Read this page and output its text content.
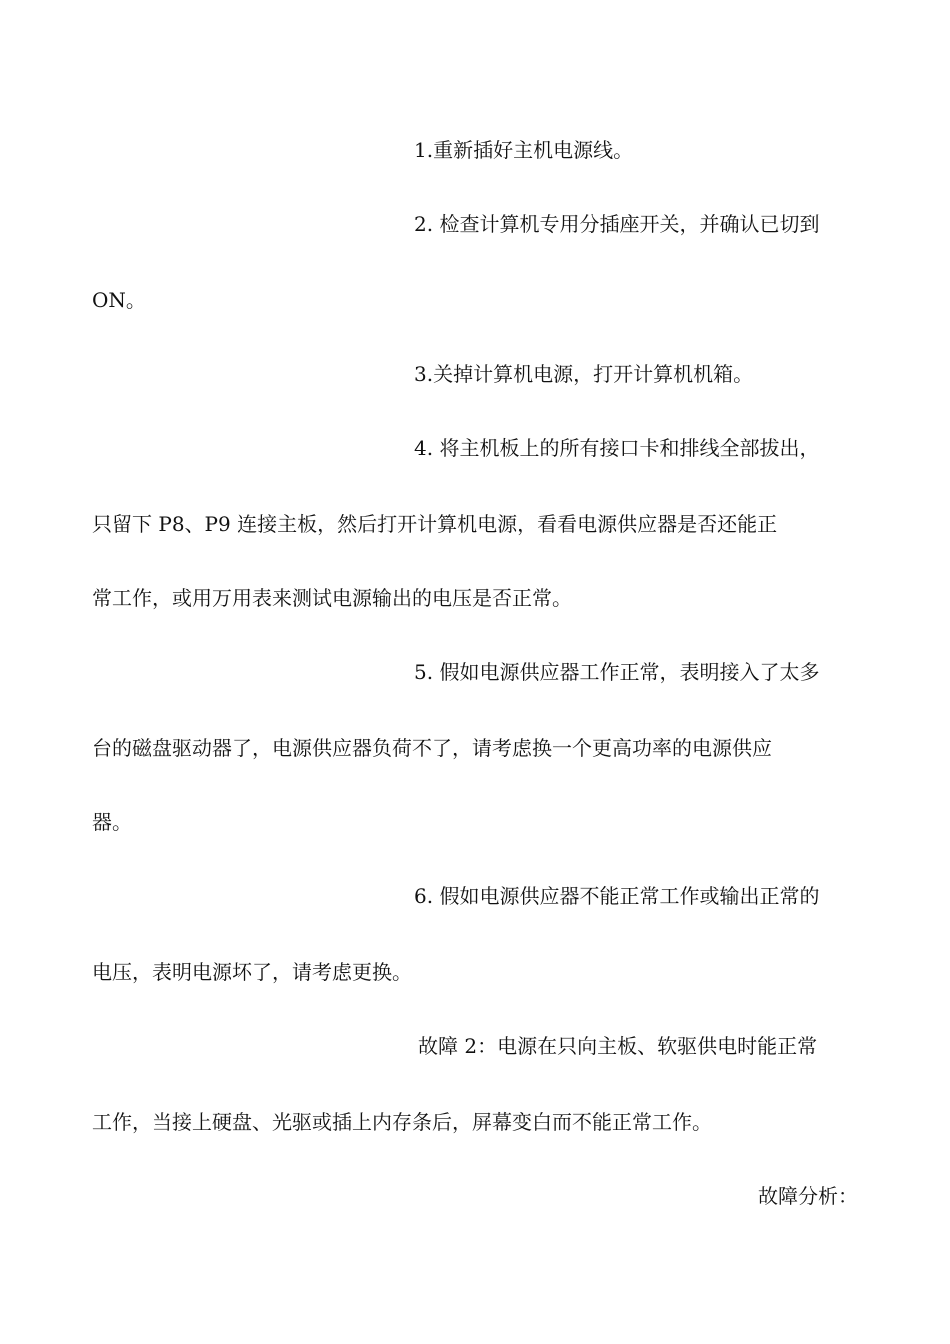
1.重新插好主机电源线。
2. 检查计算机专用分插座开关，并确认已切到
ON。
3.关掉计算机电源，打开计算机机箱。
4. 将主机板上的所有接口卡和排线全部拔出，
只留下 P8、P9 连接主板，然后打开计算机电源，看看电源供应器是否还能正
常工作，或用万用表来测试电源输出的电压是否正常。
5. 假如电源供应器工作正常，表明接入了太多
台的磁盘驱动器了，电源供应器负荷不了，请考虑换一个更高功率的电源供应
器。
6. 假如电源供应器不能正常工作或输出正常的
电压，表明电源坏了，请考虑更换。
故障 2：电源在只向主板、软驱供电时能正常
工作，当接上硬盘、光驱或插上内存条后，屏幕变白而不能正常工作。
故障分析：
